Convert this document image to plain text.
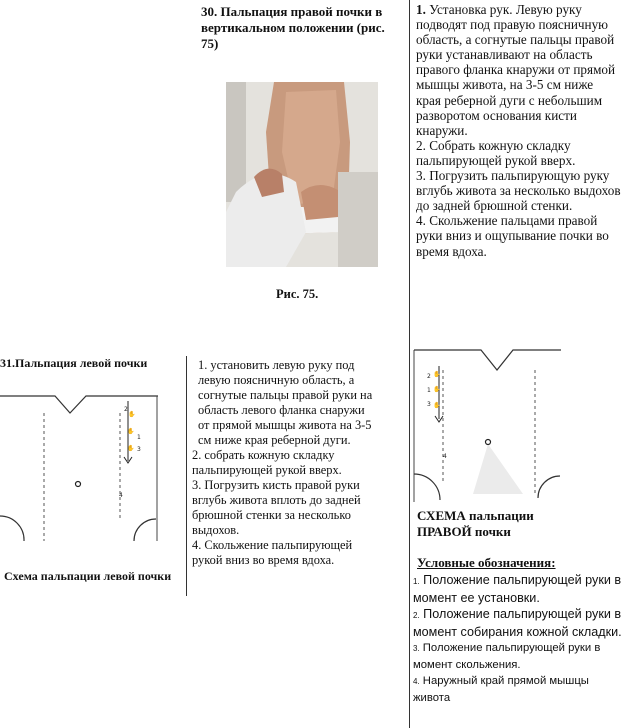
30. Пальпация правой почки в вертикальном положении (рис. 75)
Рис. 75.

1. Установка рук. Левую руку подводят под правую поясничную область, а согнутые пальцы правой руки устанавливают на область правого фланка кнаружи от прямой мышцы живота, на 3-5 см ниже края реберной дуги с небольшим разворотом основания кисти кнаружи.

2. Собрать кожную складку пальпирующей рукой вверх.

3. Погрузить пальпирующую руку вглубь живота за несколько выдохов до задней брюшной стенки.

4. Скольжение пальцами правой руки вниз и ощупывание почки во время вдоха.

31.Пальпация левой почки
✋
✋
✋
2
1
3
4

1. установить левую руку под левую поясничную область, а согнутые пальцы правой руки на область левого фланка снаружи от прямой мышцы живота на 3-5 см ниже края реберной дуги.

2. собрать кожную складку пальпирующей рукой вверх.

3. Погрузить кисть правой руки вглубь живота вплоть до задней брюшной стенки за несколько выдохов.

4. Скольжение пальпирующей рукой вниз во время вдоха.

Схема пальпации левой почки
✋
✋
✋
2
1
3
4
СХЕМА пальпации
ПРАВОЙ почки
Условные обозначения:

1. Положение пальпирующей руки в момент ее установки.

2. Положение пальпирующей руки в момент собирания кожной складки.

3. Положение пальпирующей руки в момент скольжения.

4. Наружный край прямой мышцы живота
